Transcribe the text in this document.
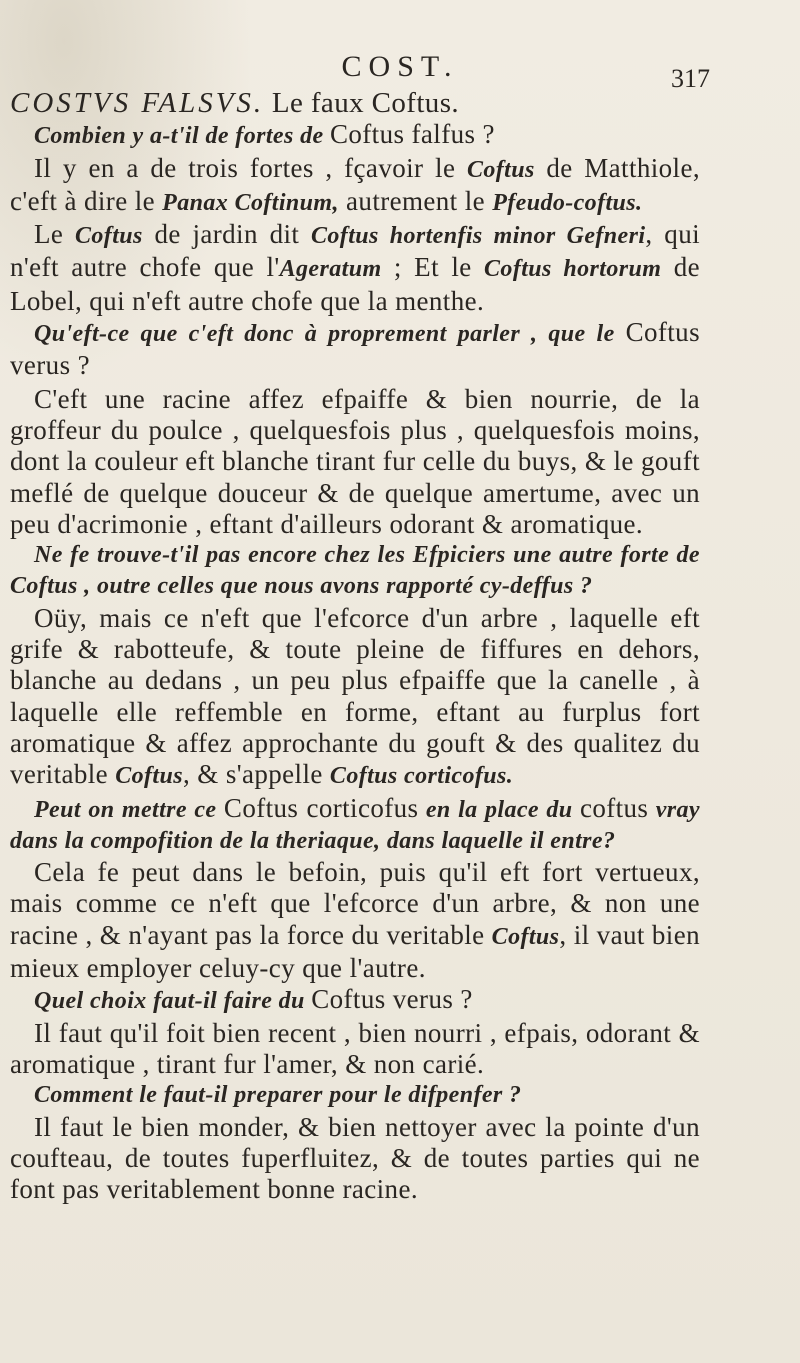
COST.	317

COSTVS FALSVS. Le faux Coftus.

Combien y a-t'il de fortes de Coftus falfus ?

Il y en a de trois fortes , fçavoir le Coftus de Matthiole, c'eft à dire le Panax Coftinum, autrement le Pfeudo-coftus.

Le Coftus de jardin dit Coftus hortenfis minor Gefneri, qui n'eft autre chofe que l'Ageratum ; Et le Coftus hortorum de Lobel, qui n'eft autre chofe que la menthe.

Qu'eft-ce que c'eft donc à proprement parler , que le Coftus verus ?

C'eft une racine affez efpaiffe & bien nourrie, de la groffeur du poulce , quelquesfois plus , quelquesfois moins, dont la couleur eft blanche tirant fur celle du buys, & le gouft meflé de quelque douceur & de quelque amertume, avec un peu d'acrimonie , eftant d'ailleurs odorant & aromatique.

Ne fe trouve-t'il pas encore chez les Efpiciers une autre forte de Coftus , outre celles que nous avons rapporté cy-deffus ?

Oüy, mais ce n'eft que l'efcorce d'un arbre , laquelle eft grife & rabotteufe, & toute pleine de fiffures en dehors, blanche au dedans , un peu plus efpaiffe que la canelle , à laquelle elle reffemble en forme, eftant au furplus fort aromatique & affez approchante du gouft & des qualitez du veritable Coftus, & s'appelle Coftus corticofus.

Peut on mettre ce Coftus corticofus en la place du coftus vray dans la compofition de la theriaque, dans laquelle il entre?

Cela fe peut dans le befoin, puis qu'il eft fort vertueux, mais comme ce n'eft que l'efcorce d'un arbre, & non une racine , & n'ayant pas la force du veritable Coftus, il vaut bien mieux employer celuy-cy que l'autre.

Quel choix faut-il faire du Coftus verus ?

Il faut qu'il foit bien recent , bien nourri , efpais, odorant & aromatique , tirant fur l'amer, & non carié.

Comment le faut-il preparer pour le difpenfer ?

Il faut le bien monder, & bien nettoyer avec la pointe d'un coufteau, de toutes fuperfluitez, & de toutes parties qui ne font pas veritablement bonne racine.
